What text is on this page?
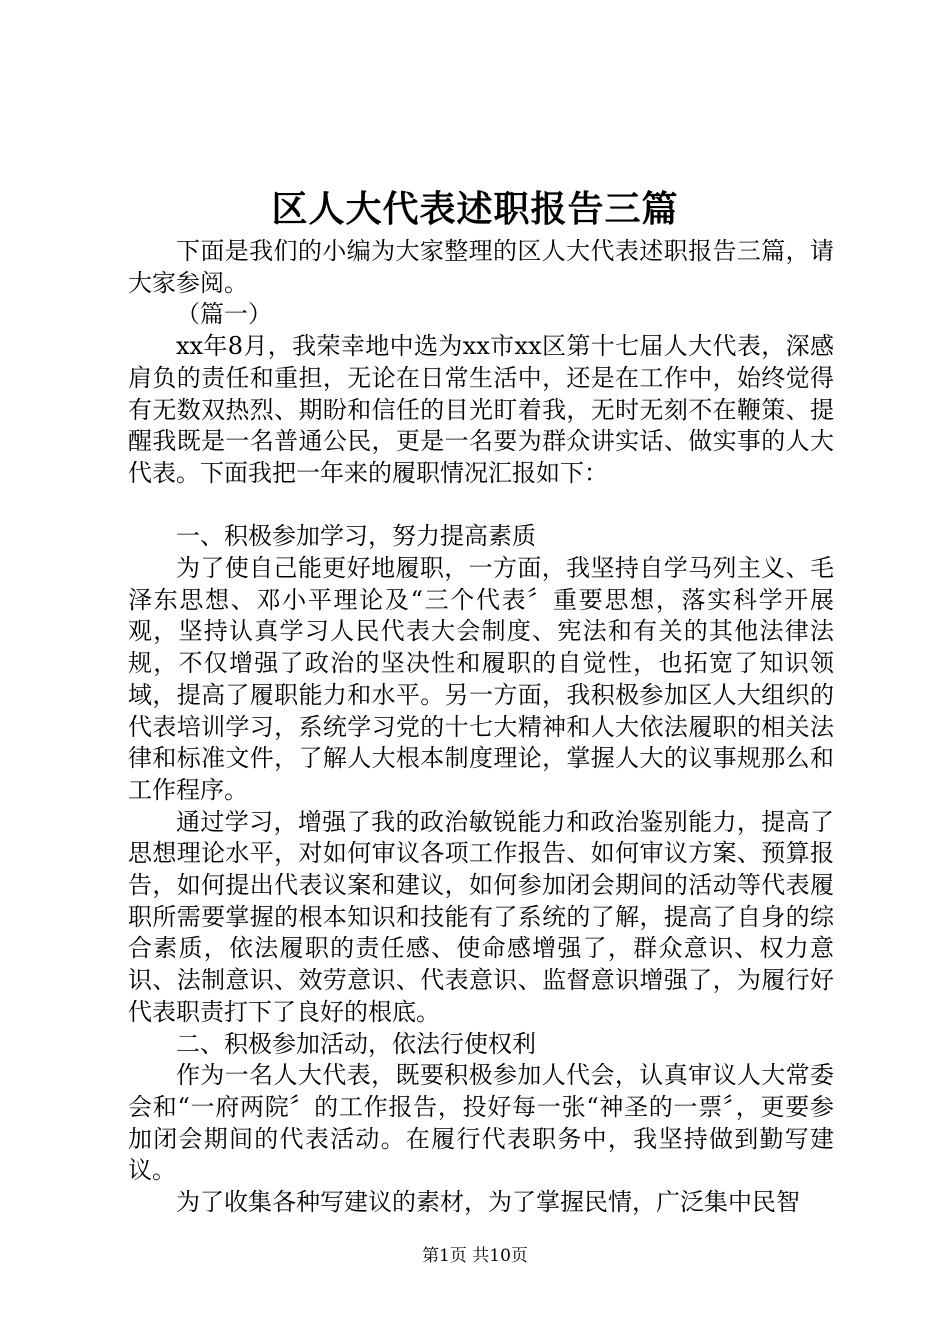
区人大代表述职报告三篇

下面是我们的小编为大家整理的区人大代表述职报告三篇，请大家参阅。

（篇一）

xx年8月，我荣幸地中选为xx市xx区第十七届人大代表，深感肩负的责任和重担，无论在日常生活中，还是在工作中，始终觉得有无数双热烈、期盼和信任的目光盯着我，无时无刻不在鞭策、提醒我既是一名普通公民，更是一名要为群众讲实话、做实事的人大代表。下面我把一年来的履职情况汇报如下：

一、积极参加学习，努力提高素质

为了使自己能更好地履职，一方面，我坚持自学马列主义、毛泽东思想、邓小平理论及“三个代表〞重要思想，落实科学开展观，坚持认真学习人民代表大会制度、宪法和有关的其他法律法规，不仅增强了政治的坚决性和履职的自觉性，也拓宽了知识领域，提高了履职能力和水平。另一方面，我积极参加区人大组织的代表培训学习，系统学习党的十七大精神和人大依法履职的相关法律和标准文件，了解人大根本制度理论，掌握人大的议事规那么和工作程序。

通过学习，增强了我的政治敏锐能力和政治鉴别能力，提高了思想理论水平，对如何审议各项工作报告、如何审议方案、预算报告，如何提出代表议案和建议，如何参加闭会期间的活动等代表履职所需要掌握的根本知识和技能有了系统的了解，提高了自身的综合素质，依法履职的责任感、使命感增强了，群众意识、权力意识、法制意识、效劳意识、代表意识、监督意识增强了，为履行好代表职责打下了良好的根底。

二、积极参加活动，依法行使权利

作为一名人大代表，既要积极参加人代会，认真审议人大常委会和“一府两院〞的工作报告，投好每一张“神圣的一票〞，更要参加闭会期间的代表活动。在履行代表职务中，我坚持做到勤写建议。

为了收集各种写建议的素材，为了掌握民情，广泛集中民智

第1页 共10页
